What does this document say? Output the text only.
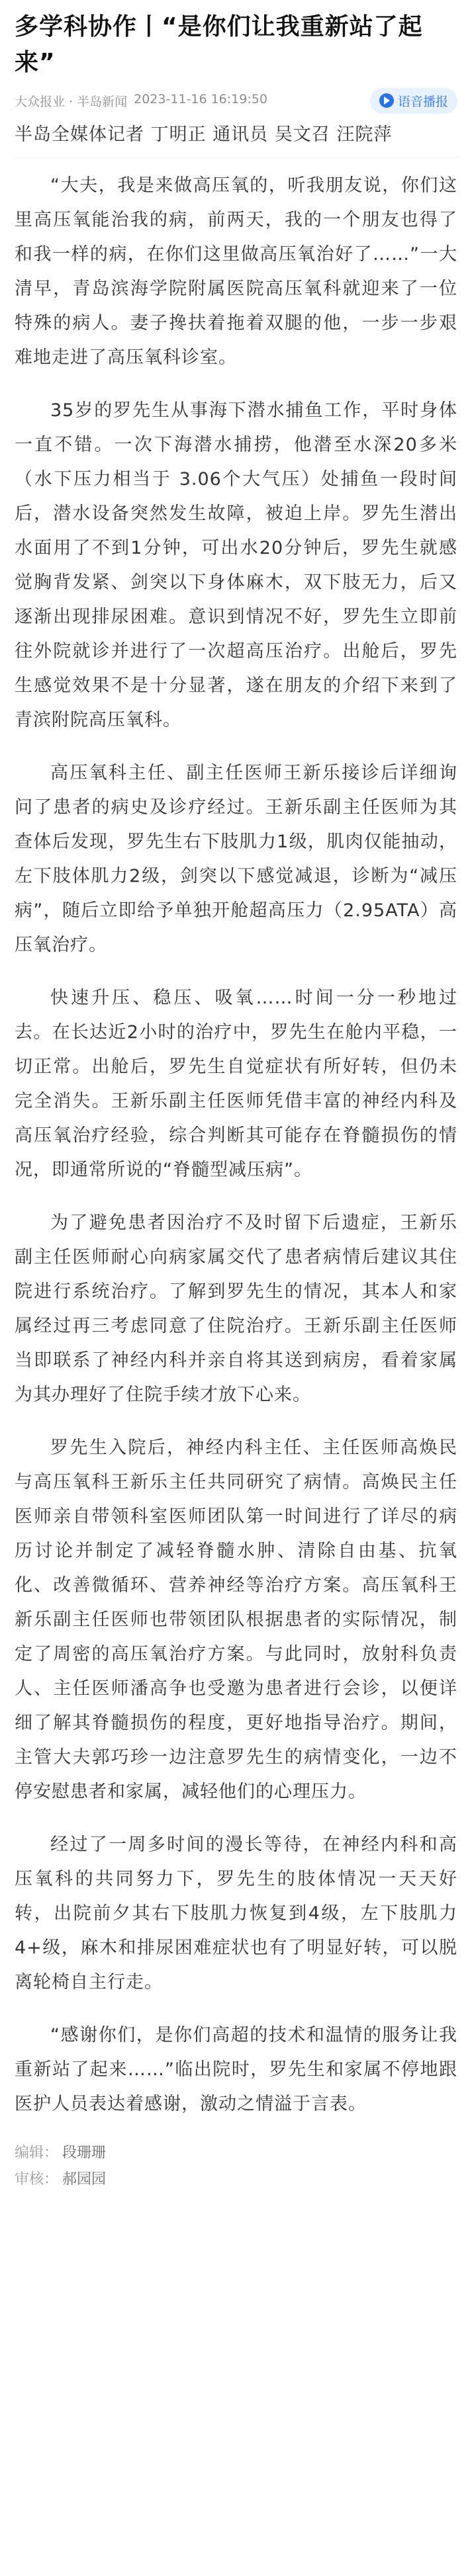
多学科协作丨“是你们让我重新站了起来”
大众报业 · 半岛新闻 2023-11-16 16:19:50	语音播报
半岛全媒体记者 丁明正 通讯员 吴文召 汪院萍

“大夫，我是来做高压氧的，听我朋友说，你们这里高压氧能治我的病，前两天，我的一个朋友也得了和我一样的病，在你们这里做高压氧治好了……”一大清早，青岛滨海学院附属医院高压氧科就迎来了一位特殊的病人。妻子搀扶着拖着双腿的他，一步一步艰难地走进了高压氧科诊室。

35岁的罗先生从事海下潜水捕鱼工作，平时身体一直不错。一次下海潜水捕捞，他潜至水深20多米（水下压力相当于 3.06个大气压）处捕鱼一段时间后，潜水设备突然发生故障，被迫上岸。罗先生潜出水面用了不到1分钟，可出水20分钟后，罗先生就感觉胸背发紧、剑突以下身体麻木，双下肢无力，后又逐渐出现排尿困难。意识到情况不好，罗先生立即前往外院就诊并进行了一次超高压治疗。出舱后，罗先生感觉效果不是十分显著，遂在朋友的介绍下来到了青滨附院高压氧科。

高压氧科主任、副主任医师王新乐接诊后详细询问了患者的病史及诊疗经过。王新乐副主任医师为其查体后发现，罗先生右下肢肌力1级，肌肉仅能抽动，左下肢体肌力2级，剑突以下感觉减退，诊断为“减压病”，随后立即给予单独开舱超高压力（2.95ATA）高压氧治疗。

快速升压、稳压、吸氧……时间一分一秒地过去。在长达近2小时的治疗中，罗先生在舱内平稳，一切正常。出舱后，罗先生自觉症状有所好转，但仍未完全消失。王新乐副主任医师凭借丰富的神经内科及高压氧治疗经验，综合判断其可能存在脊髓损伤的情况，即通常所说的“脊髓型减压病”。

为了避免患者因治疗不及时留下后遗症，王新乐副主任医师耐心向病家属交代了患者病情后建议其住院进行系统治疗。了解到罗先生的情况，其本人和家属经过再三考虑同意了住院治疗。王新乐副主任医师当即联系了神经内科并亲自将其送到病房，看着家属为其办理好了住院手续才放下心来。

罗先生入院后，神经内科主任、主任医师高焕民与高压氧科王新乐主任共同研究了病情。高焕民主任医师亲自带领科室医师团队第一时间进行了详尽的病历讨论并制定了减轻脊髓水肿、清除自由基、抗氧化、改善微循环、营养神经等治疗方案。高压氧科王新乐副主任医师也带领团队根据患者的实际情况，制定了周密的高压氧治疗方案。与此同时，放射科负责人、主任医师潘高争也受邀为患者进行会诊，以便详细了解其脊髓损伤的程度，更好地指导治疗。期间，主管大夫郭巧珍一边注意罗先生的病情变化，一边不停安慰患者和家属，减轻他们的心理压力。

经过了一周多时间的漫长等待，在神经内科和高压氧科的共同努力下，罗先生的肢体情况一天天好转，出院前夕其右下肢肌力恢复到4级，左下肢肌力4+级，麻木和排尿困难症状也有了明显好转，可以脱离轮椅自主行走。

“感谢你们，是你们高超的技术和温情的服务让我重新站了起来……”临出院时，罗先生和家属不停地跟医护人员表达着感谢，激动之情溢于言表。

编辑： 段珊珊
审核： 郝园园
